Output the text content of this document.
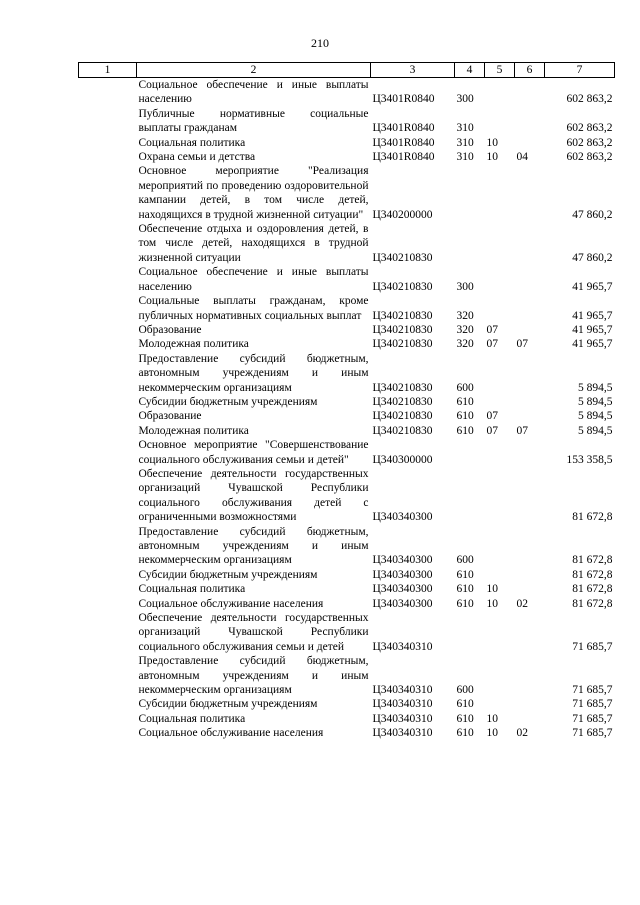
210
1	2	3	4	5	6	7
	Социальное обеспечение и иные выплаты населению	Ц3401R0840	300			602 863,2
	Публичные нормативные социальные выплаты гражданам	Ц3401R0840	310			602 863,2
	Социальная политика	Ц3401R0840	310	10		602 863,2
	Охрана семьи и детства	Ц3401R0840	310	10	04	602 863,2
	Основное мероприятие "Реализация мероприятий по проведению оздоровительной кампании детей, в том числе детей, находящихся в трудной жизненной ситуации"	Ц340200000				47 860,2
	Обеспечение отдыха и оздоровления детей, в том числе детей, находящихся в трудной жизненной ситуации	Ц340210830				47 860,2
	Социальное обеспечение и иные выплаты населению	Ц340210830	300			41 965,7
	Социальные выплаты гражданам, кроме публичных нормативных социальных выплат	Ц340210830	320			41 965,7
	Образование	Ц340210830	320	07		41 965,7
	Молодежная политика	Ц340210830	320	07	07	41 965,7
	Предоставление субсидий бюджетным, автономным учреждениям и иным некоммерческим организациям	Ц340210830	600			5 894,5
	Субсидии бюджетным учреждениям	Ц340210830	610			5 894,5
	Образование	Ц340210830	610	07		5 894,5
	Молодежная политика	Ц340210830	610	07	07	5 894,5
	Основное мероприятие "Совершенствование социального обслуживания семьи и детей"	Ц340300000				153 358,5
	Обеспечение деятельности государственных организаций Чувашской Республики социального обслуживания детей с ограниченными возможностями	Ц340340300				81 672,8
	Предоставление субсидий бюджетным, автономным учреждениям и иным некоммерческим организациям	Ц340340300	600			81 672,8
	Субсидии бюджетным учреждениям	Ц340340300	610			81 672,8
	Социальная политика	Ц340340300	610	10		81 672,8
	Социальное обслуживание населения	Ц340340300	610	10	02	81 672,8
	Обеспечение деятельности государственных организаций Чувашской Республики социального обслуживания семьи и детей	Ц340340310				71 685,7
	Предоставление субсидий бюджетным, автономным учреждениям и иным некоммерческим организациям	Ц340340310	600			71 685,7
	Субсидии бюджетным учреждениям	Ц340340310	610			71 685,7
	Социальная политика	Ц340340310	610	10		71 685,7
	Социальное обслуживание населения	Ц340340310	610	10	02	71 685,7
